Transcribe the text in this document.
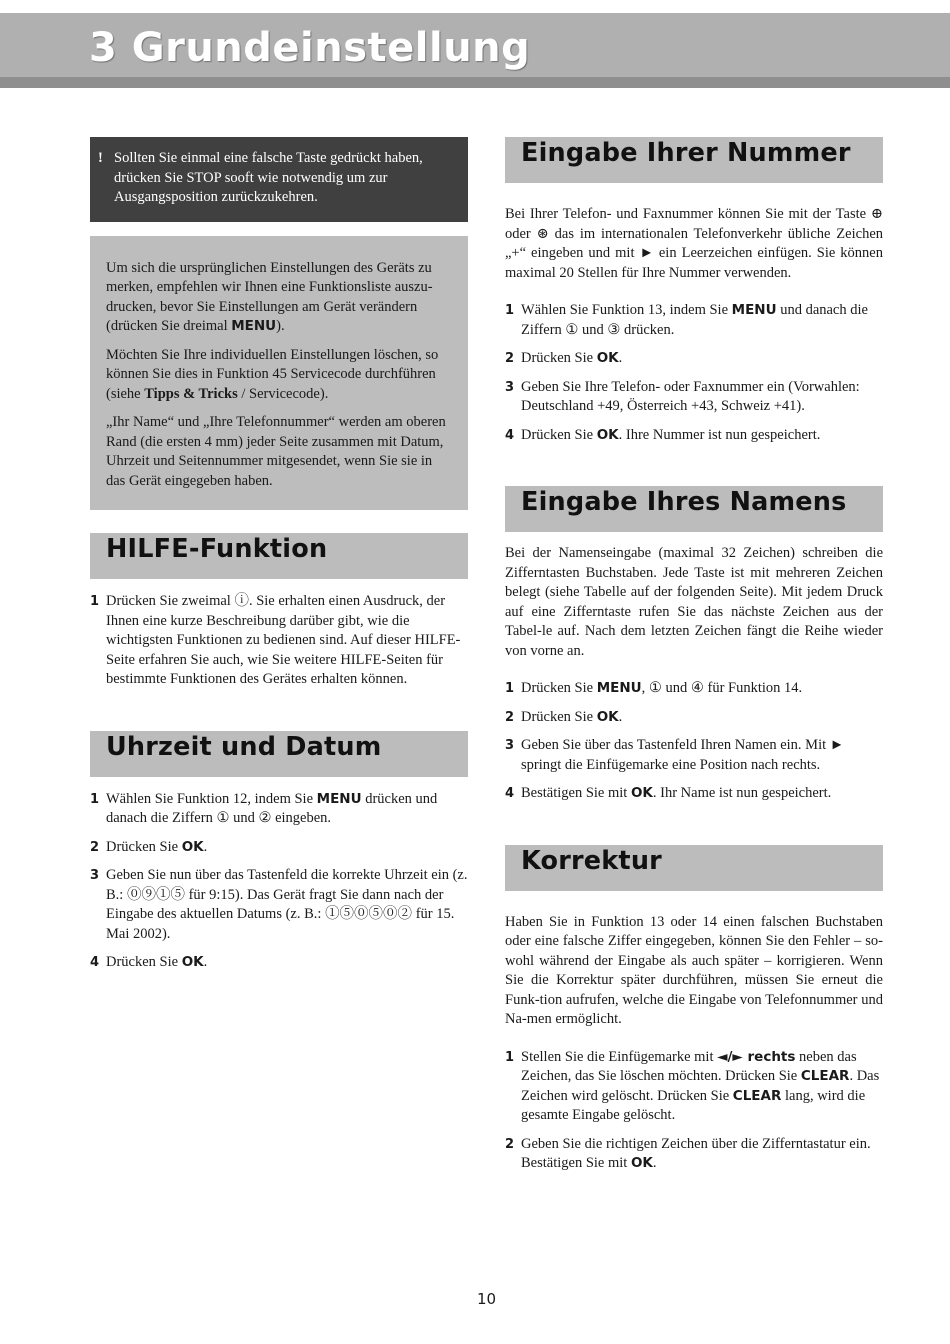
3 Grundeinstellung
! Sollten Sie einmal eine falsche Taste gedrückt haben, drücken Sie STOP sooft wie notwendig um zur Ausgangsposition zurückzukehren.

Um sich die ursprünglichen Einstellungen des Geräts zu merken, empfehlen wir Ihnen eine Funktionsliste auszu-drucken, bevor Sie Einstellungen am Gerät verändern (drücken Sie dreimal MENU).

Möchten Sie Ihre individuellen Einstellungen löschen, so können Sie dies in Funktion 45 Servicecode durchführen (siehe Tipps & Tricks / Servicecode).

„Ihr Name“ und „Ihre Telefonnummer“ werden am oberen Rand (die ersten 4 mm) jeder Seite zusammen mit Datum, Uhrzeit und Seitennummer mitgesendet, wenn Sie sie in das Gerät eingegeben haben.

HILFE-Funktion
1 Drücken Sie zweimal ⓘ. Sie erhalten einen Ausdruck, der Ihnen eine kurze Beschreibung darüber gibt, wie die wichtigsten Funktionen zu bedienen sind. Auf dieser HILFE-Seite erfahren Sie auch, wie Sie weitere HILFE-Seiten für bestimmte Funktionen des Gerätes erhalten können.
Uhrzeit und Datum
1 Wählen Sie Funktion 12, indem Sie MENU drücken und danach die Ziffern ① und ② eingeben.
2 Drücken Sie OK.
3 Geben Sie nun über das Tastenfeld die korrekte Uhrzeit ein (z. B.: ⓪⑨①⑤ für 9:15). Das Gerät fragt Sie dann nach der Eingabe des aktuellen Datums (z. B.: ①⑤⓪⑤⓪② für 15. Mai 2002).
4 Drücken Sie OK.
Eingabe Ihrer Nummer

Bei Ihrer Telefon- und Faxnummer können Sie mit der Taste ⊕ oder ⊛ das im internationalen Telefonverkehr übliche Zeichen „+“ eingeben und mit ► ein Leerzeichen einfügen. Sie können maximal 20 Stellen für Ihre Nummer verwenden.

1 Wählen Sie Funktion 13, indem Sie MENU und danach die Ziffern ① und ③ drücken.
2 Drücken Sie OK.
3 Geben Sie Ihre Telefon- oder Faxnummer ein (Vorwahlen: Deutschland +49, Österreich +43, Schweiz +41).
4 Drücken Sie OK. Ihre Nummer ist nun gespeichert.
Eingabe Ihres Namens

Bei der Namenseingabe (maximal 32 Zeichen) schreiben die Zifferntasten Buchstaben. Jede Taste ist mit mehreren Zeichen belegt (siehe Tabelle auf der folgenden Seite). Mit jedem Druck auf eine Zifferntaste rufen Sie das nächste Zeichen aus der Tabel-le auf. Nach dem letzten Zeichen fängt die Reihe wieder von vorne an.

1 Drücken Sie MENU, ① und ④ für Funktion 14.
2 Drücken Sie OK.
3 Geben Sie über das Tastenfeld Ihren Namen ein. Mit ► springt die Einfügemarke eine Position nach rechts.
4 Bestätigen Sie mit OK. Ihr Name ist nun gespeichert.
Korrektur

Haben Sie in Funktion 13 oder 14 einen falschen Buchstaben oder eine falsche Ziffer eingegeben, können Sie den Fehler – so-wohl während der Eingabe als auch später – korrigieren. Wenn Sie die Korrektur später durchführen, müssen Sie erneut die Funk-tion aufrufen, welche die Eingabe von Telefonnummer und Na-men ermöglicht.

1 Stellen Sie die Einfügemarke mit ◄/► rechts neben das Zeichen, das Sie löschen möchten. Drücken Sie CLEAR. Das Zeichen wird gelöscht. Drücken Sie CLEAR lang, wird die gesamte Eingabe gelöscht.
2 Geben Sie die richtigen Zeichen über die Zifferntastatur ein. Bestätigen Sie mit OK.
10
